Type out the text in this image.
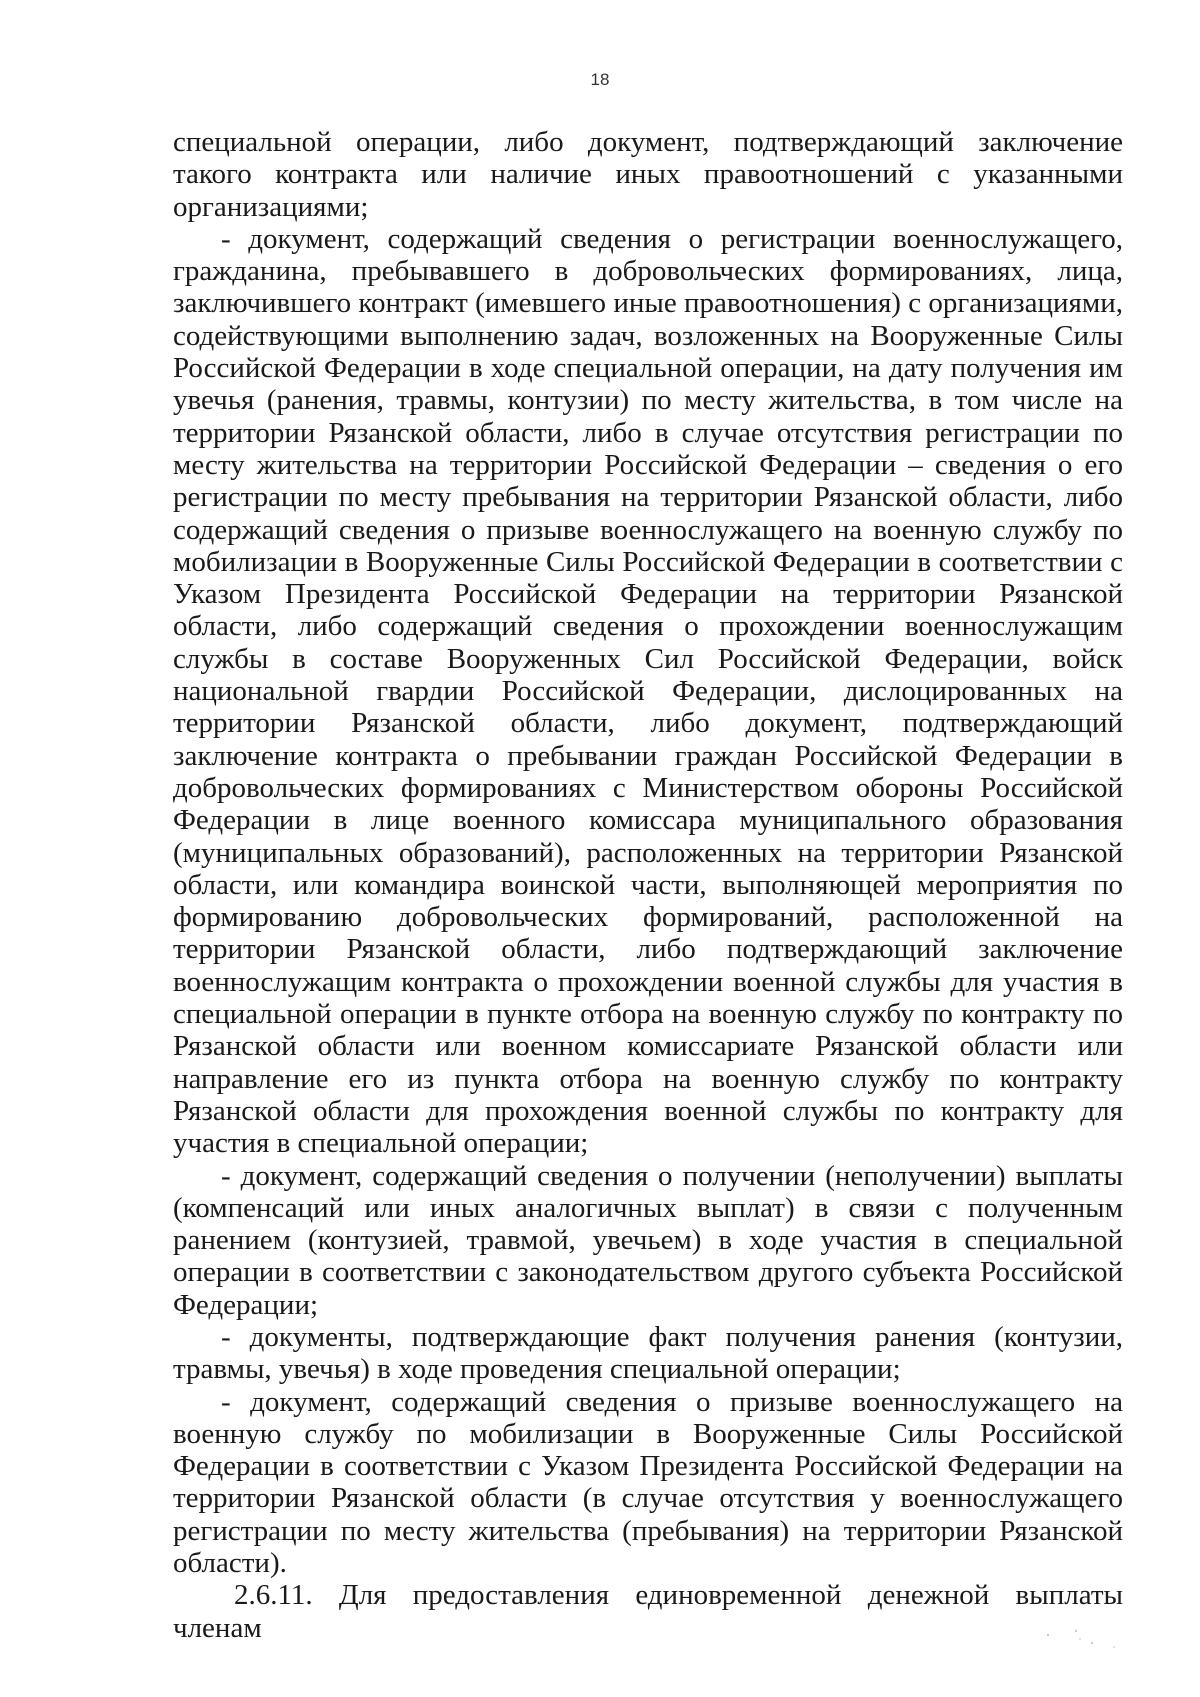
18

специальной операции, либо документ, подтверждающий заключение такого контракта или наличие иных правоотношений с указанными организациями;

- документ, содержащий сведения о регистрации военнослужащего, гражданина, пребывавшего в добровольческих формированиях, лица, заключившего контракт (имевшего иные правоотношения) с организациями, содействующими выполнению задач, возложенных на Вооруженные Силы Российской Федерации в ходе специальной операции, на дату получения им увечья (ранения, травмы, контузии) по месту жительства, в том числе на территории Рязанской области, либо в случае отсутствия регистрации по месту жительства на территории Российской Федерации – сведения о его регистрации по месту пребывания на территории Рязанской области, либо содержащий сведения о призыве военнослужащего на военную службу по мобилизации в Вооруженные Силы Российской Федерации в соответствии с Указом Президента Российской Федерации на территории Рязанской области, либо содержащий сведения о прохождении военнослужащим службы в составе Вооруженных Сил Российской Федерации, войск национальной гвардии Российской Федерации, дислоцированных на территории Рязанской области, либо документ, подтверждающий заключение контракта о пребывании граждан Российской Федерации в добровольческих формированиях с Министерством обороны Российской Федерации в лице военного комиссара муниципального образования (муниципальных образований), расположенных на территории Рязанской области, или командира воинской части, выполняющей мероприятия по формированию добровольческих формирований, расположенной на территории Рязанской области, либо подтверждающий заключение военнослужащим контракта о прохождении военной службы для участия в специальной операции в пункте отбора на военную службу по контракту по Рязанской области или военном комиссариате Рязанской области или направление его из пункта отбора на военную службу по контракту Рязанской области для прохождения военной службы по контракту для участия в специальной операции;

- документ, содержащий сведения о получении (неполучении) выплаты (компенсаций или иных аналогичных выплат) в связи с полученным ранением (контузией, травмой, увечьем) в ходе участия в специальной операции в соответствии с законодательством другого субъекта Российской Федерации;

- документы, подтверждающие факт получения ранения (контузии, травмы, увечья) в ходе проведения специальной операции;

- документ, содержащий сведения о призыве военнослужащего на военную службу по мобилизации в Вооруженные Силы Российской Федерации в соответствии с Указом Президента Российской Федерации на территории Рязанской области (в случае отсутствия у военнослужащего регистрации по месту жительства (пребывания) на территории Рязанской области).

2.6.11. Для предоставления единовременной денежной выплаты членам
